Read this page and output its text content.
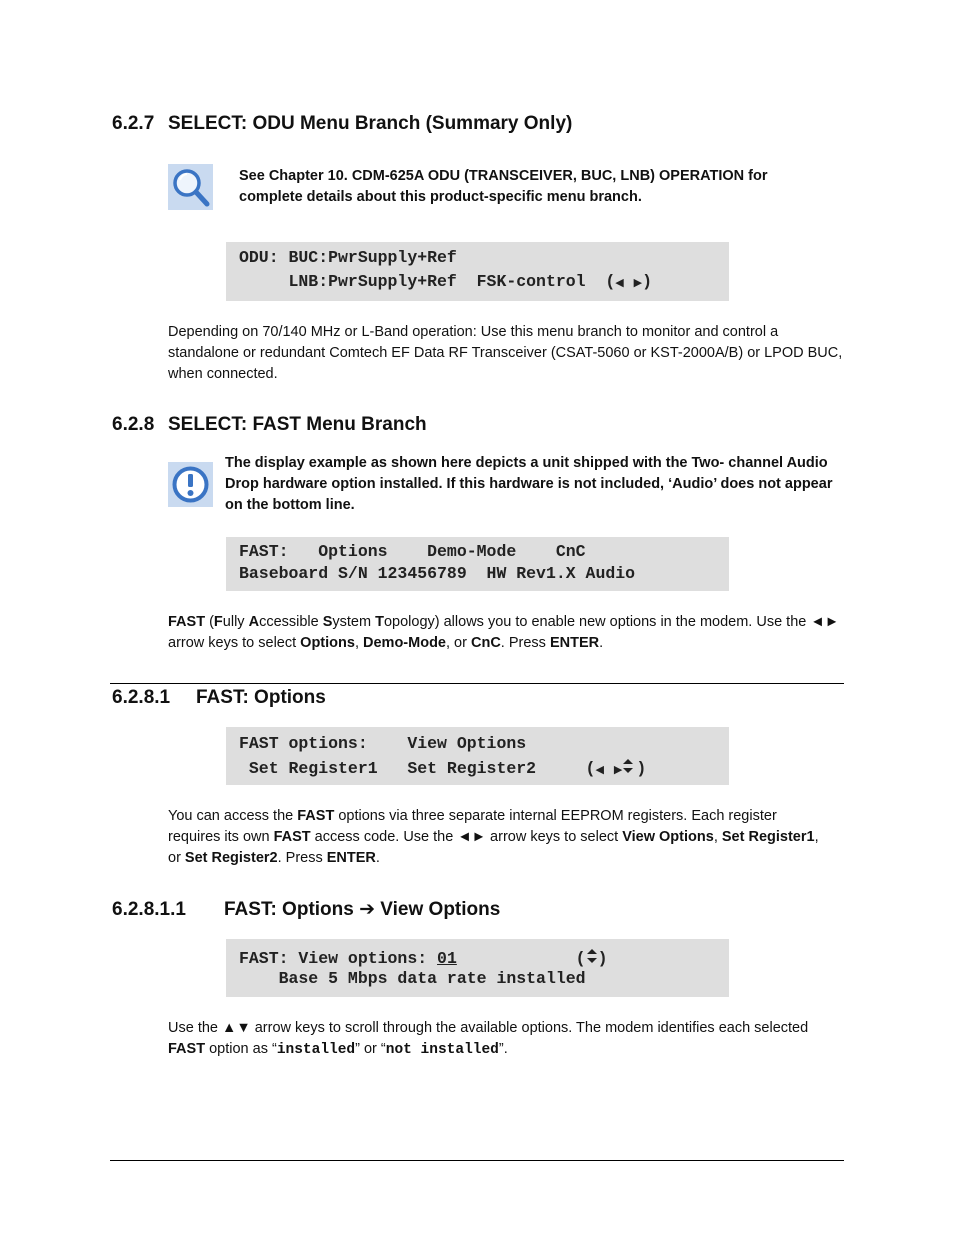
6.2.7 SELECT: ODU Menu Branch (Summary Only)
See Chapter 10. CDM-625A ODU (TRANSCEIVER, BUC, LNB) OPERATION for complete details about this product-specific menu branch.

ODU: BUC:PwrSupply+Ref

LNB:PwrSupply+Ref  FSK-control  (◀ ▶)

Depending on 70/140 MHz or L-Band operation: Use this menu branch to monitor and control a standalone or redundant Comtech EF Data RF Transceiver (CSAT-5060 or KST-2000A/B) or LPOD BUC, when connected.
6.2.8 SELECT: FAST Menu Branch
The display example as shown here depicts a unit shipped with the Two- channel Audio Drop hardware option installed. If this hardware is not included, ‘Audio’ does not appear on the bottom line.

FAST:   Options    Demo-Mode    CnC

Baseboard S/N 123456789  HW Rev1.X Audio

FAST (Fully Accessible System Topology) allows you to enable new options in the modem. Use the ◄► arrow keys to select Options, Demo-Mode, or CnC. Press ENTER.
6.2.8.1 FAST: Options

FAST options:    View Options

Set Register1   Set Register2     (◀ ▶ )

You can access the FAST options via three separate internal EEPROM registers. Each register requires its own FAST access code. Use the ◄► arrow keys to select View Options, Set Register1, or Set Register2. Press ENTER.
6.2.8.1.1 FAST: Options ➔ View Options

FAST: View options: 01            ( )

Base 5 Mbps data rate installed

Use the ▲▼ arrow keys to scroll through the available options. The modem identifies each selected FAST option as “installed” or “not installed”.
